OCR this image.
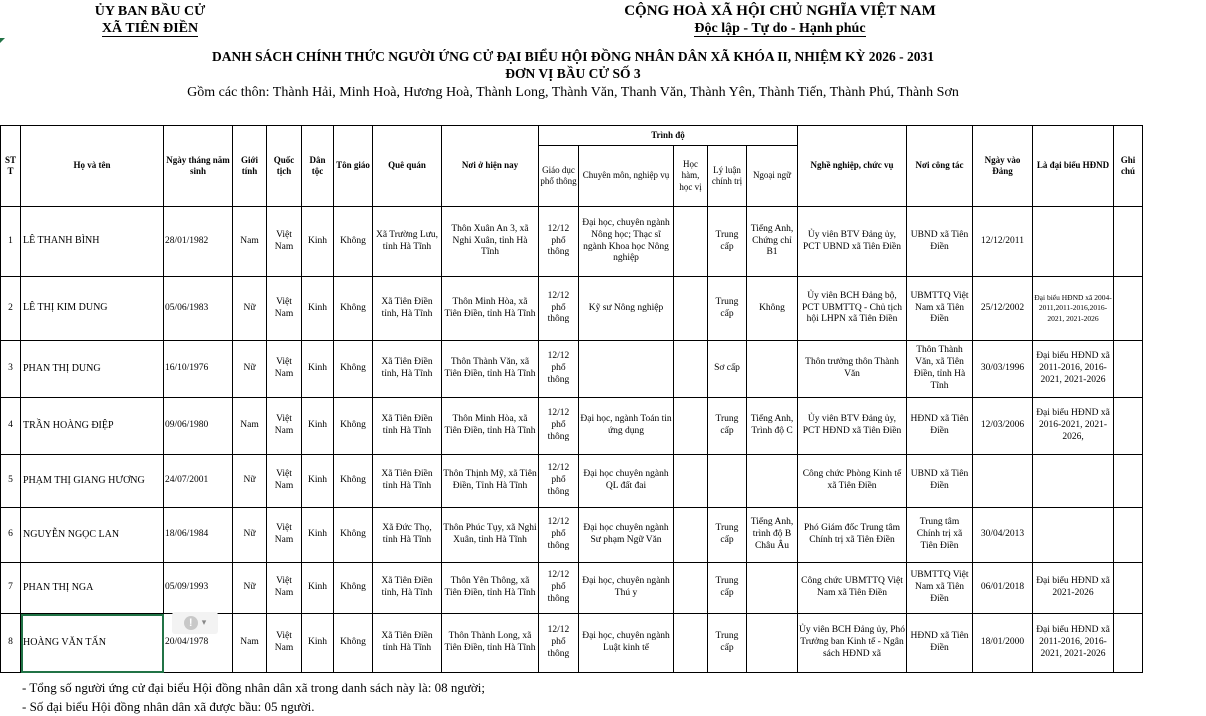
ỦY BAN BẦU CỬ
XÃ TIÊN ĐIỀN
CỘNG HOÀ XÃ HỘI CHỦ NGHĨA VIỆT NAM
Độc lập - Tự do - Hạnh phúc
DANH SÁCH CHÍNH THỨC NGƯỜI ỨNG CỬ ĐẠI BIỂU HỘI ĐỒNG NHÂN DÂN XÃ KHÓA II, NHIỆM KỲ 2026 - 2031
ĐƠN VỊ BẦU CỬ SỐ 3
Gồm các thôn: Thành Hải, Minh Hoà, Hương Hoà, Thành Long, Thành Văn, Thanh Văn, Thành Yên, Thành Tiến, Thành Phú, Thành Sơn
ST T	Họ và tên	Ngày tháng năm sinh	Giới tính	Quốc tịch	Dân tộc	Tôn giáo	Quê quán	Nơi ở hiện nay	Trình độ					Nghề nghiệp, chức vụ	Nơi công tác	Ngày vào Đảng	Là đại biểu HĐND	Ghi chú
									Giáo dục phổ thông	Chuyên môn, nghiệp vụ	Học hàm, học vị	Lý luận chính trị	Ngoại ngữ					
1	LÊ THANH BÌNH	28/01/1982	Nam	Việt Nam	Kinh	Không	Xã Trường Lưu, tỉnh Hà Tĩnh	Thôn Xuân An 3, xã Nghi Xuân, tỉnh Hà Tĩnh	12/12 phổ thông	Đại học, chuyên ngành Nông học; Thạc sĩ ngành Khoa học Nông nghiệp		Trung cấp	Tiếng Anh, Chứng chỉ B1	Ủy viên BTV Đảng ủy, PCT UBND xã Tiên Điền	UBND xã Tiên Điền	12/12/2011		
2	LÊ THỊ KIM DUNG	05/06/1983	Nữ	Việt Nam	Kinh	Không	Xã Tiên Điền tỉnh, Hà Tĩnh	Thôn Minh Hòa, xã Tiên Điền, tỉnh Hà Tĩnh	12/12 phổ thông	Kỹ sư Nông nghiệp		Trung cấp	Không	Ủy viên BCH Đảng bộ, PCT UBMTTQ - Chủ tịch hội LHPN xã Tiên Điền	UBMTTQ Việt Nam xã Tiên Điền	25/12/2002	Đại biểu HĐND xã 2004-2011,2011-2016,2016-2021, 2021-2026	
3	PHAN THỊ DUNG	16/10/1976	Nữ	Việt Nam	Kinh	Không	Xã Tiên Điền tỉnh, Hà Tĩnh	Thôn Thành Văn, xã Tiên Điền, tỉnh Hà Tĩnh	12/12 phổ thông			Sơ cấp		Thôn trưởng thôn Thành Văn	Thôn Thành Văn, xã Tiên Điền, tỉnh Hà Tĩnh	30/03/1996	Đại biểu HĐND xã 2011-2016, 2016-2021, 2021-2026	
4	TRẦN HOÀNG ĐIỆP	09/06/1980	Nam	Việt Nam	Kinh	Không	Xã Tiên Điền tỉnh Hà Tĩnh	Thôn Minh Hòa, xã Tiên Điền, tỉnh Hà Tĩnh	12/12 phổ thông	Đại học, ngành Toán tin ứng dụng		Trung cấp	Tiếng Anh, Trình độ C	Ủy viên BTV Đảng ủy, PCT HĐND xã Tiên Điền	HĐND xã Tiên Điền	12/03/2006	Đại biểu HĐND xã 2016-2021, 2021-2026,	
5	PHẠM THỊ GIANG HƯƠNG	24/07/2001	Nữ	Việt Nam	Kinh	Không	Xã Tiên Điền tỉnh Hà Tĩnh	Thôn Thịnh Mỹ, xã Tiên Điền, Tỉnh Hà Tĩnh	12/12 phổ thông	Đại học chuyên ngành QL đất đai				Công chức Phòng Kinh tế xã Tiên Điền	UBND xã Tiên Điền			
6	NGUYỄN NGỌC LAN	18/06/1984	Nữ	Việt Nam	Kinh	Không	Xã Đức Thọ, tỉnh Hà Tĩnh	Thôn Phúc Tụy, xã Nghi Xuân, tỉnh Hà Tĩnh	12/12 phổ thông	Đại học chuyên ngành Sư phạm Ngữ Văn		Trung cấp	Tiếng Anh, trình độ B Châu Âu	Phó Giám đốc Trung tâm Chính trị xã Tiên Điền	Trung tâm Chính trị xã Tiên Điền	30/04/2013		
7	PHAN THỊ NGA	05/09/1993	Nữ	Việt Nam	Kinh	Không	Xã Tiên Điền tỉnh, Hà Tĩnh	Thôn Yên Thông, xã Tiên Điền, tỉnh Hà Tĩnh	12/12 phổ thông	Đại học, chuyên ngành Thú y		Trung cấp		Công chức UBMTTQ Việt Nam xã Tiên Điền	UBMTTQ Việt Nam xã Tiên Điền	06/01/2018	Đại biểu HĐND xã 2021-2026	
8	HOÀNG VĂN TẤN	20/04/1978	Nam	Việt Nam	Kinh	Không	Xã Tiên Điền tỉnh Hà Tĩnh	Thôn Thành Long, xã Tiên Điền, tỉnh Hà Tĩnh	12/12 phổ thông	Đại học, chuyên ngành Luật kinh tế		Trung cấp		Ủy viên BCH Đảng ủy, Phó Trưởng ban Kinh tế - Ngân sách HĐND xã	HĐND xã Tiên Điền	18/01/2000	Đại biểu HĐND xã 2011-2016, 2016-2021, 2021-2026	
!	▾
- Tổng số người ứng cử đại biểu Hội đồng nhân dân xã trong danh sách này là: 08 người;
- Số đại biểu Hội đồng nhân dân xã được bầu: 05 người.
